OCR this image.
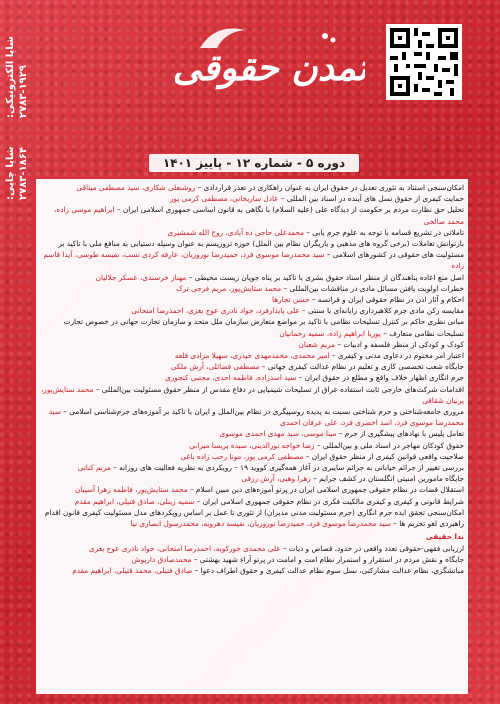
شاپا چاپی: ۱۸۶۴-۲۷۸۳
شاپا الکترونیکی: ۱۹۲۹-۲۷۸۳	تمدن حقوقی
دوره ۵ - شماره ۱۲ - پاییز ۱۴۰۱

امکان‌سنجی استناد به تئوری تعدیل در حقوق ایران به عنوان راهکاری در تعذر قراردادی – روشنعلی شکاری، سید مصطفی میثاقی

حمایت کیفری از حقوق نسل های آینده در اسناد بین المللی – عادل ساریخانی، مصطفی کرمی پور

تحلیل حق نظارت مردم بر حکومت از دیدگاه علی (علیه السلام) با نگاهی به قانون اساسی جمهوری اسلامی ایران – ابراهیم موسی زاده، محمد صالحی

تاملاتی در تشریع قسامه با توجه به علوم جرم یابی – محمدعلی حاجی ده آبادی، روح الله شمشیری

بازتوانش تعاملات (برخی گروه های مذهبی و بازیگران نظام بین الملل) حوزه تروریسم به عنوان وسیله دستیابی به منافع ملی با تاکید بر مسئولیت های حقوقی در کشورهای اسلامی – سید محمدرضا موسوی فرد، حمیدرضا نوروزیان، عارفه کردی نسب، نفیسه طوسی، آیدا قاسم زاده

اصل منع اعاده پناهندگان از منظر اسناد حقوق بشری با تاکید بر پناه جویان زیست محیطی – مهناز خرسندی، عسکر جلالیان

خطرات اولویت یافتن مسائل مادی در مناقشات بین‌المللی – محمد ستایش‌پور، مریم فرجی ترک

احکام و آثار اذن در نظام حقوقی ایران و فرانسه – حسن تجارها

مقایسه رکن مادی جرم کلاهبرداری رایانه‌ای با سنتی – علی پایدارفرد، جواد نادری عوج بغزی، احمدرضا امتحانی

مبانی نظری حاکم بر کنترل تسلیحات نظامی با تاکید بر مواضع متعارض سازمان ملل متحد و سازمان تجارت جهانی در خصوص تجارت تسلیحات نظامی متعارف – پوریا ابراهیم زاده، سمیه رحمانیان

کودک و کودکی از منظر فلسفه و ادبیات – مریم شعبان

اعتبار امر مختوم در دعاوی مدنی و کیفری – امیر محمدی، محمدمهدی حیدری، سهیلا مرادی قلعه

جایگاه شعب تخصصی کاری و تعلیم در نظام عدالت کیفری جهانی – مصطفی فضائلی، آرش ملکی

جرم انگاری اظهار خلاف واقع و مطلع در حقوق ایران – سید اسدزاده، فاطمه احدی، مجتبی کنجوری

اقدامات شرکت‌های خارجی ثابت استفاده عراق از تسلیحات شیمیایی در دفاع مقدس از منظر حقوق مسئولیت بین‌المللی – محمد ستایش‌پور، پرنیان شقاقی

مروری جامعه‌شناختی و جرم شناختی نسبت به پدیده روسپیگری در نظام بین‌الملل و ایران با تاکید بر آموزه‌های جرم‌شناسی اسلامی – سید محمدرضا موسوی فرد، اسد اخضری فرد، علی عرفان احمدی

تعامل پلیس با نهادهای پیشگیری از جرم – مینا موسی، سید مهدی احمدی موسوی

حقوق کودکان مهاجر در اسناد ملی و بین‌المللی – رضا خواجه نورالدینی، سیده پریسا میرابی

صلاحیت واقعی قوانین کیفری از منظر حقوق ایران – مصطفی کرمی پور، مونا رحب زاده باغی

بررسی تغییر از جرائم خیابانی به جرائم سایبری در آغاز همه‌گیری کووید ۱۹ – رویکردی به نظریه فعالیت های روزانه – مریم کنانی

جایگاه مامورین امنیتی انگلستان در کشف جرایم – زهرا وهبی، آرش رزقی

استقلال قضات در نظام حقوقی جمهوری اسلامی ایران در پرتو آموزه‌های دین مبین اسلام – محمد ستایش‌پور، فاطمه زهرا آسیبان

شرایط قانونی و کیفری و کیفری مالکیت فکری در نظام حقوقی جمهوری اسلامی ایران – سمیه زینلی، صادق فتیلی، ابراهیم مقدم

امکان‌سنجی تحقق ایده جرم انگاری (جرم مسئولیت مدنی مدیران) از تئوری تا عمل بر اساس رویکردهای مدل مسئولیت کیفری قانون اقدام راهبردی لغو تحریم ها – سید محمدرضا موسوی فرد، حمیدرضا نوروزیان، نفیسه دهرویه، محمدرسول انصاری نیا

ندا حقیقی

ارزیابی فقهی-حقوقی تعدد واقعی در حدود، قصاص و دیات – علی محمدی جورکویه، احمدرضا امتحانی، جواد نادری عوج بغزی

جایگاه و نقش مردم در استقرار و استمرار نظام امت و امامت در پرتو آراء شهید بهشتی – محمدصادق داریوش

مبانشگری، نظام عدالت مشارکتی، نسل سوم نظام عدالت کیفری و حقوق اطراف دعوا – صادق فتیلی، محمد فتیلی، ابراهیم مقدم
